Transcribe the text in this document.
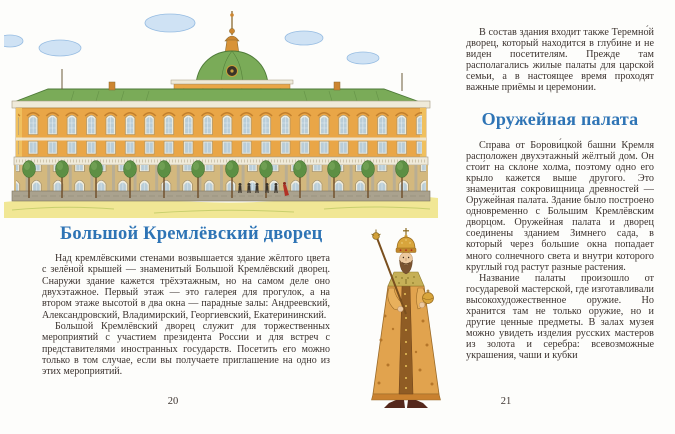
Большой Кремлёвский дворец

Над кремлёвскими стенами возвышается здание жёлтого цвета с зелёной крышей — знаменитый Большой Кремлёвский дворец. Снаружи здание кажется трёхэтажным, но на самом деле оно двухэтажное. Первый этаж — это галерея для прогулок, а на втором этаже высотой в два окна — парадные залы: Андреевский, Александровский, Владимирский, Георгиевский, Екатерининский.

Большой Кремлёвский дворец служит для торжественных мероприятий с участием президента России и для встреч с представителями иностранных государств. Посетить его можно только в том случае, если вы получаете приглашение на одно из этих мероприятий.

20

В состав здания входит также Теремно́й дворец, который находится в глубине и не виден посетителям. Прежде там располагались жилые палаты для царской семьи, а в настоящее время проходят важные приёмы и церемонии.

Оружейная палата

Справа от Борови́цкой башни Кремля расположен двухэтажный жёлтый дом. Он стои́т на склоне холма, поэтому одно его крыло кажется выше другого. Это знаменитая сокровищница древностей — Оруже́йная палата. Здание было построено одновременно с Большим Кремлёвским дворцом. Оружейная палата и дворец соединены зданием Зимнего сада, в который через большие окна попадает много солнечного света и внутри которого круглый год растут разные растения.

Название палаты произошло от государевой мастерской, где изготавливали высокохудожественное оружие. Но хранится там не только оружие, но и другие ценные предметы. В залах музея можно увидеть изделия русских мастеров из золота и серебра: всевозможные украшения, чаши и кубки

21
